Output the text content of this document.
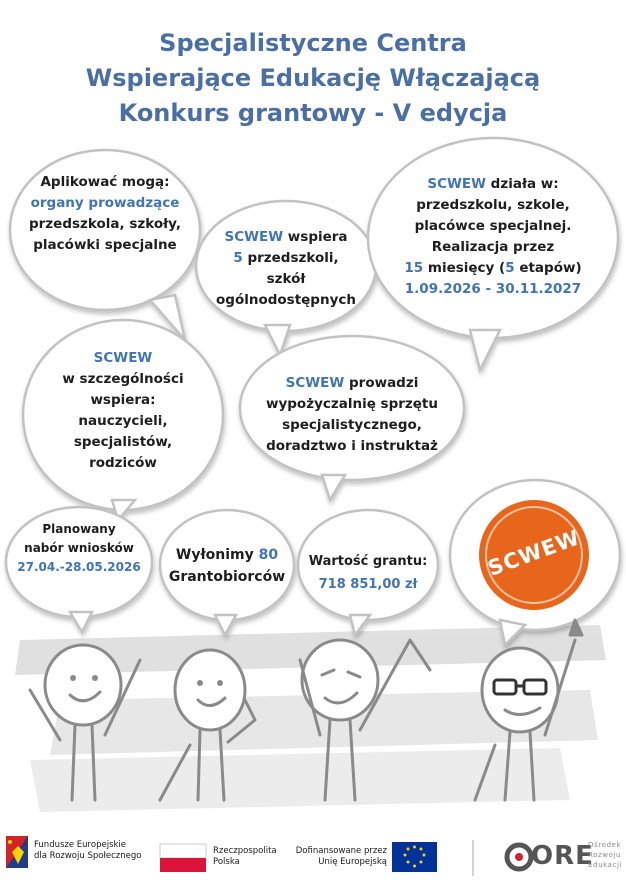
Specjalistyczne Centra
Wspierające Edukację Włączającą
Konkurs grantowy - V edycja
Aplikować mogą:
organy prowadzące
przedszkola, szkoły,
placówki specjalne	SCWEW wspiera
5 przedszkoli,
szkół
ogólnodostępnych
SCWEW działa w:
przedszkolu, szkole,
placówce specjalnej.
Realizacja przez
15 miesięcy (5 etapów)
1.09.2026 - 30.11.2027
SCWEW
w szczególności
wspiera:
nauczycieli,
specjalistów,
rodziców
SCWEW prowadzi
wypożyczalnię sprzętu
specjalistycznego,
doradztwo i instruktaż
Planowany
nabór wniosków
27.04.-28.05.2026
Wyłonimy 80
Grantobiorców
Wartość grantu:
718 851,00 zł
SCWEW
Fundusze Europejskie
dla Rozwoju Społecznego	Rzeczpospolita
Polska
Dofinansowane przez
Unię Europejską	ORE
Ośrodek
Rozwoju
Edukacji
